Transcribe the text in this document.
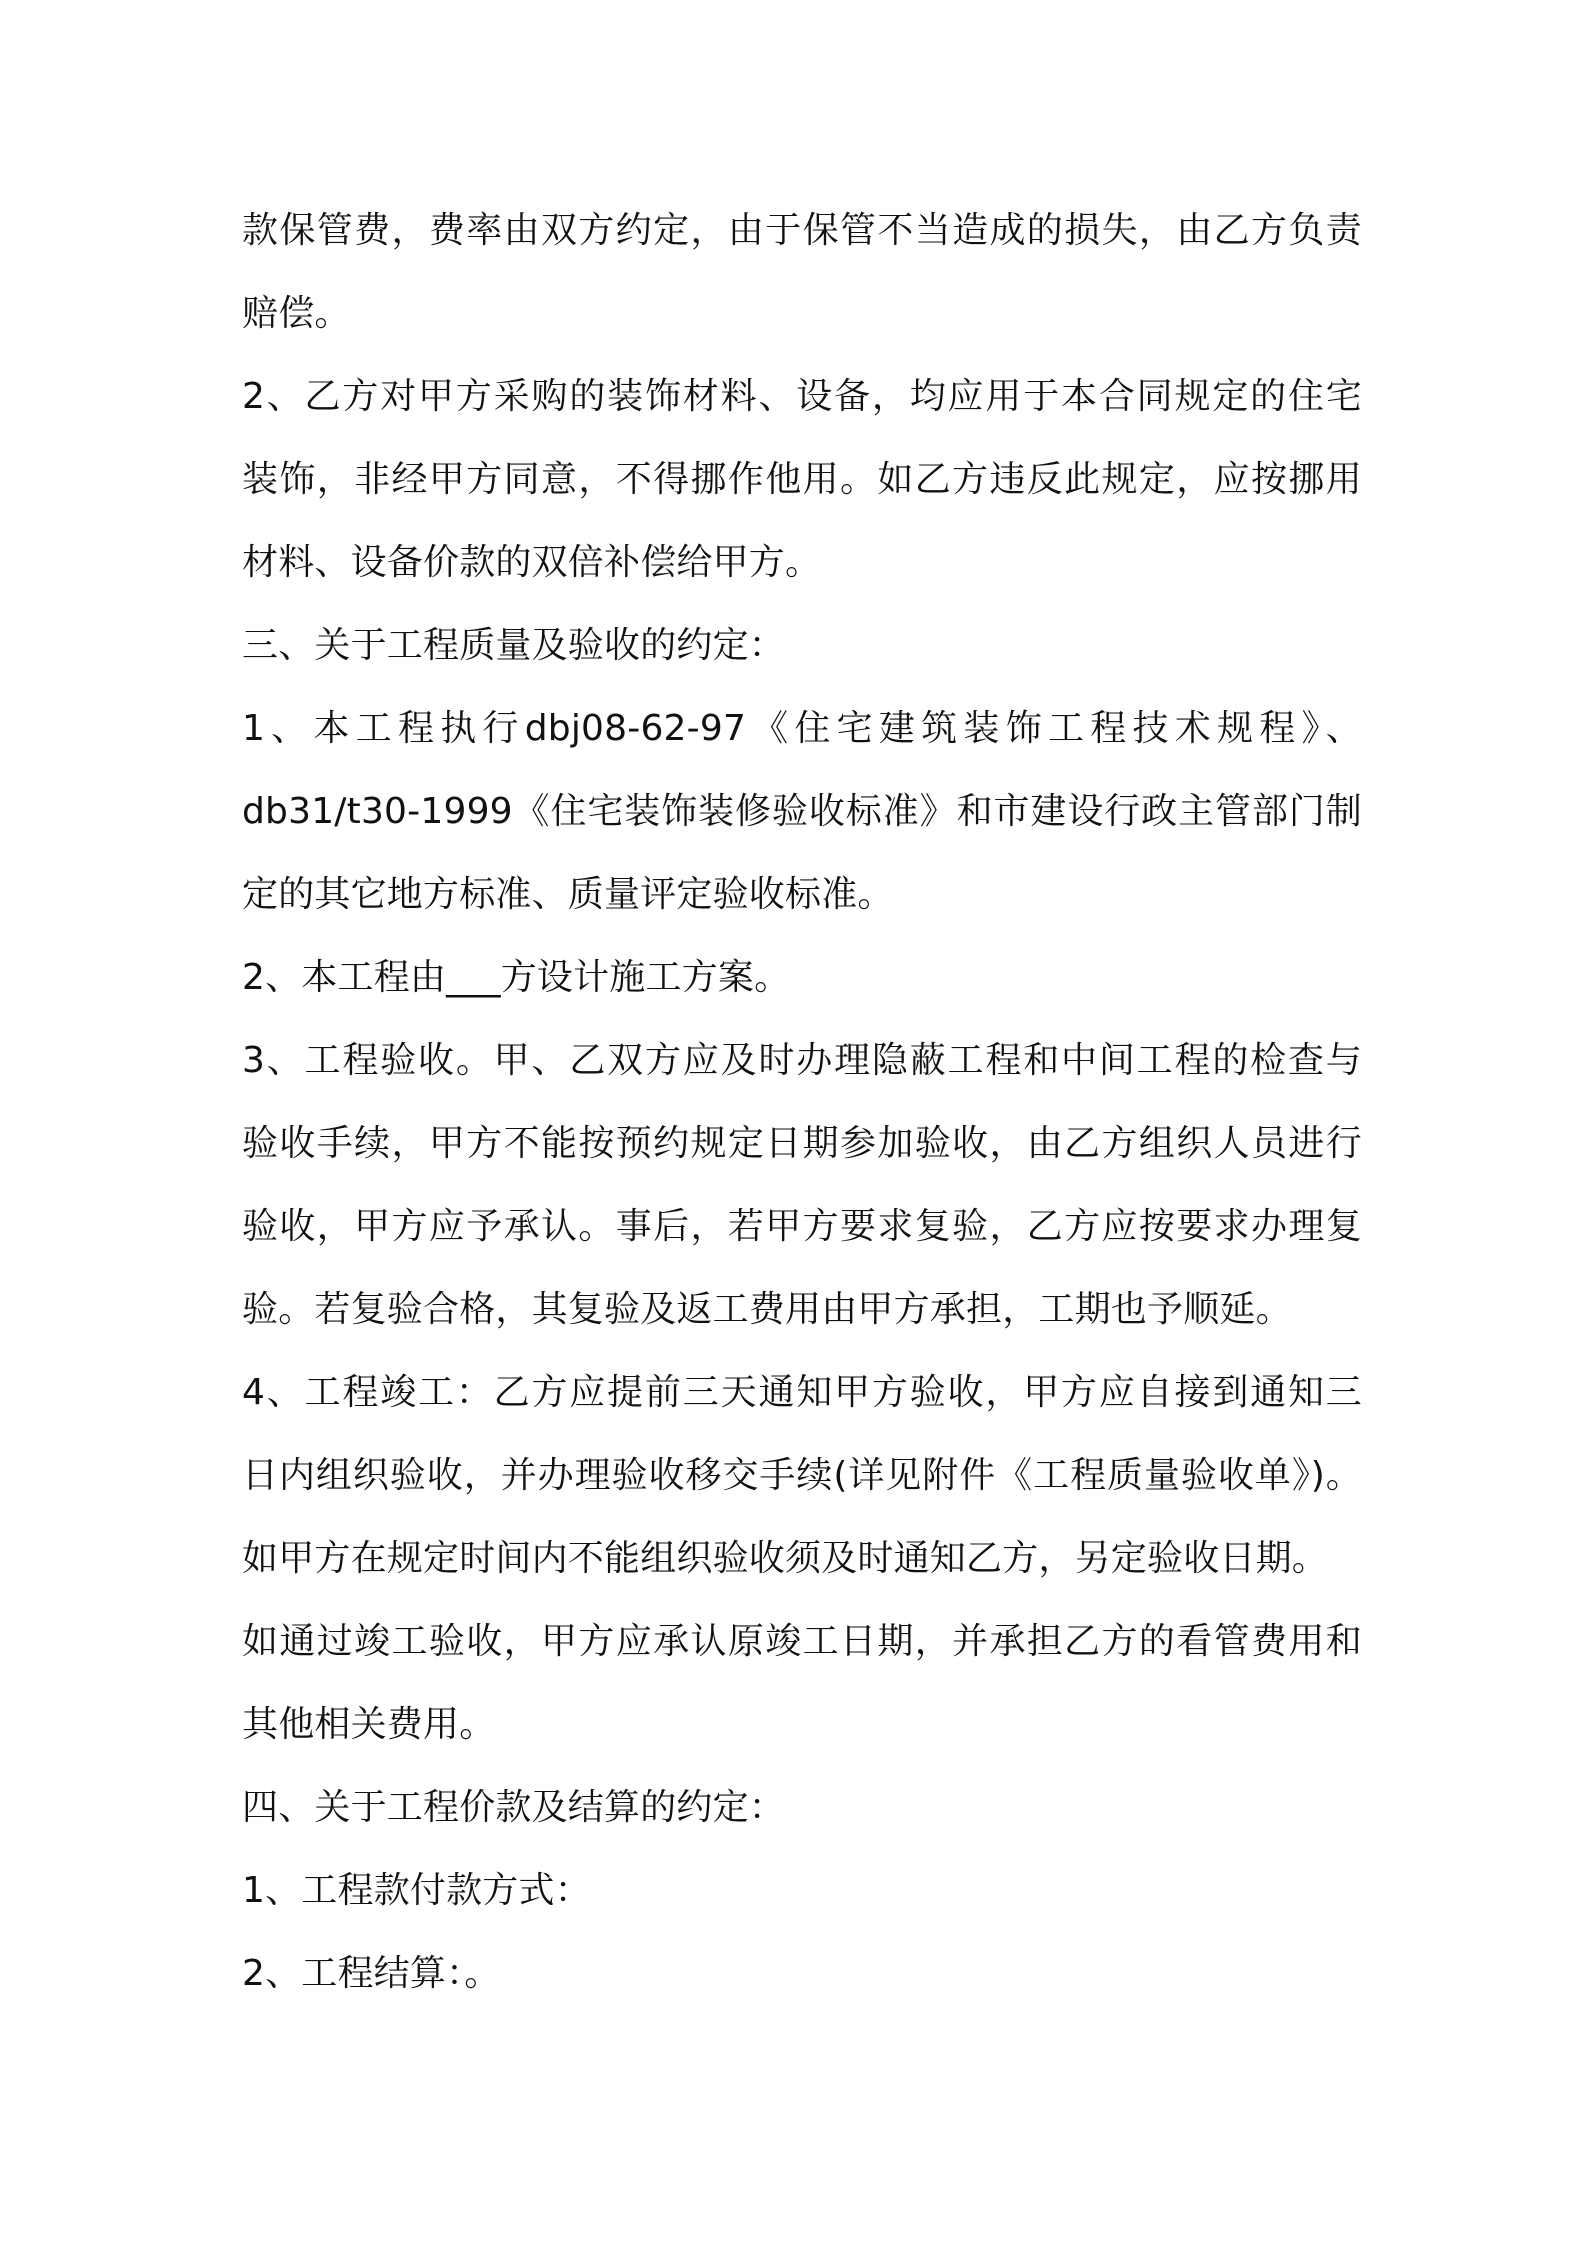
款保管费，费率由双方约定，由于保管不当造成的损失，由乙方负责
赔偿。
2、乙方对甲方采购的装饰材料、设备，均应用于本合同规定的住宅
装饰，非经甲方同意，不得挪作他用。如乙方违反此规定，应按挪用
材料、设备价款的双倍补偿给甲方。
三、关于工程质量及验收的约定：
1、本工程执行dbj08-62-97《住宅建筑装饰工程技术规程》、
db31/t30-1999《住宅装饰装修验收标准》和市建设行政主管部门制
定的其它地方标准、质量评定验收标准。
2、本工程由___方设计施工方案。
3、工程验收。甲、乙双方应及时办理隐蔽工程和中间工程的检查与
验收手续，甲方不能按预约规定日期参加验收，由乙方组织人员进行
验收，甲方应予承认。事后，若甲方要求复验，乙方应按要求办理复
验。若复验合格，其复验及返工费用由甲方承担，工期也予顺延。
4、工程竣工：乙方应提前三天通知甲方验收，甲方应自接到通知三
日内组织验收，并办理验收移交手续(详见附件《工程质量验收单》)。
如甲方在规定时间内不能组织验收须及时通知乙方，另定验收日期。
如通过竣工验收，甲方应承认原竣工日期，并承担乙方的看管费用和
其他相关费用。
四、关于工程价款及结算的约定：
1、工程款付款方式：
2、工程结算：。
